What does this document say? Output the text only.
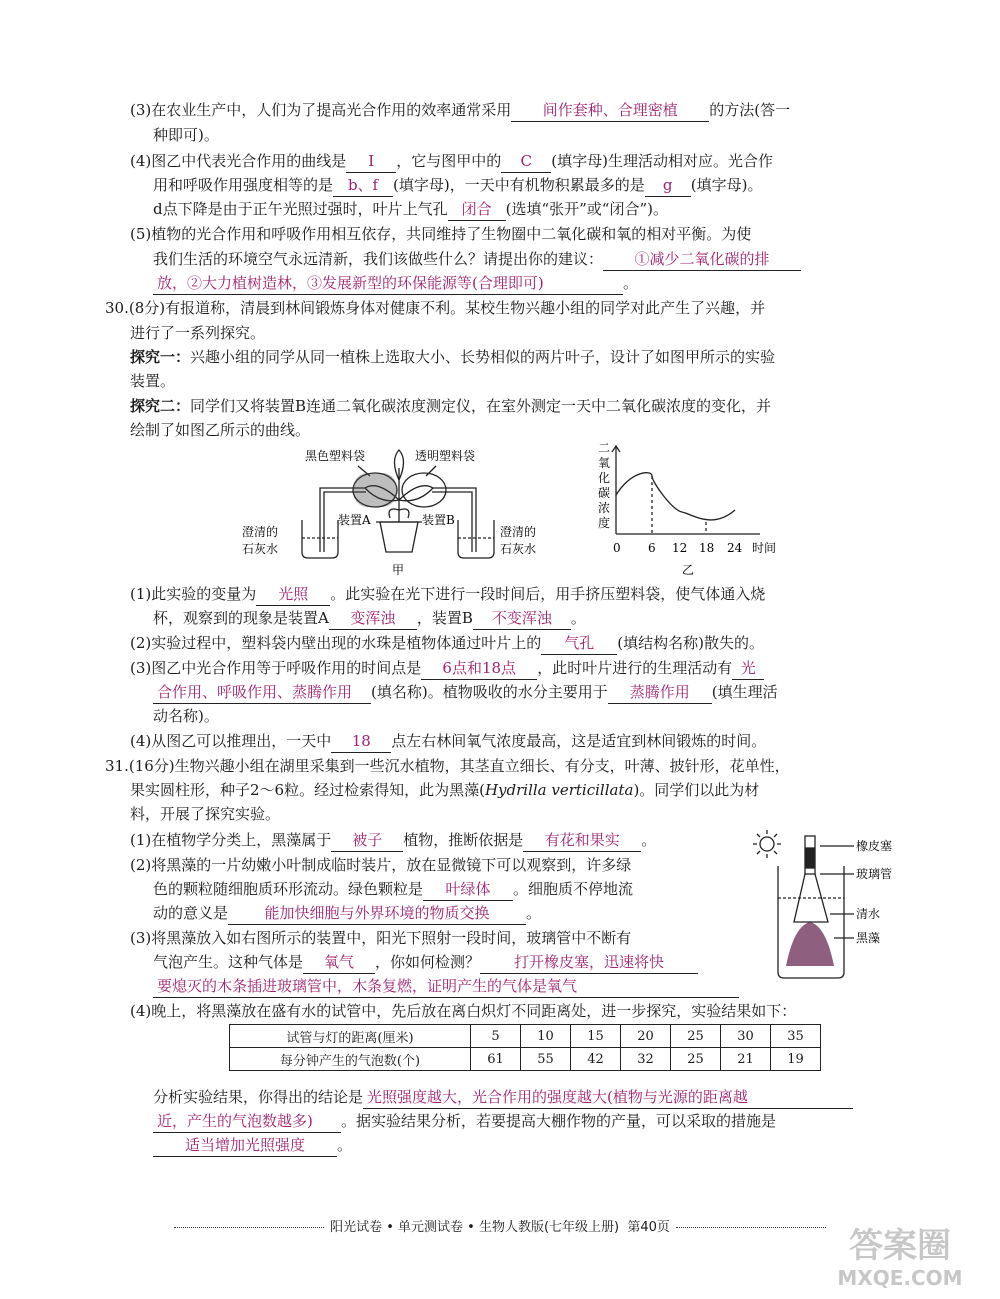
(3)在农业生产中，人们为了提高光合作用的效率通常采用 间作套种、合理密植 的方法(答一
种即可)。
(4)图乙中代表光合作用的曲线是 Ⅰ ，它与图甲中的 C (填字母)生理活动相对应。光合作
用和呼吸作用强度相等的是 b、f (填字母)，一天中有机物积累最多的是 g (填字母)。
d点下降是由于正午光照过强时，叶片上气孔 闭合 (选填“张开”或“闭合”)。
(5)植物的光合作用和呼吸作用相互依存，共同维持了生物圈中二氧化碳和氧的相对平衡。为使
我们生活的环境空气永远清新，我们该做些什么？请提出你的建议： ①减少二氧化碳的排
放，②大力植树造林，③发展新型的环保能源等(合理即可)	。
30.(8分)有报道称，清晨到林间锻炼身体对健康不利。某校生物兴趣小组的同学对此产生了兴趣，并
进行了一系列探究。
探究一：兴趣小组的同学从同一植株上选取大小、长势相似的两片叶子，设计了如图甲所示的实验
装置。
探究二：同学们又将装置B连通二氧化碳浓度测定仪，在室外测定一天中二氧化碳浓度的变化，并
绘制了如图乙所示的曲线。
黑色塑料袋	透明塑料袋
装置A	装置B
澄清的
石灰水
澄清的
石灰水
甲
二
氧
化
碳
浓
度
0 6 12 18 24 时间
乙
(1)此实验的变量为 光照 。此实验在光下进行一段时间后，用手挤压塑料袋，使气体通入烧
杯，观察到的现象是装置A 变浑浊 ，装置B 不变浑浊 。
(2)实验过程中，塑料袋内壁出现的水珠是植物体通过叶片上的 气孔 (填结构名称)散失的。
(3)图乙中光合作用等于呼吸作用的时间点是 6点和18点 ，此时叶片进行的生理活动有 光
合作用、呼吸作用、蒸腾作用 (填名称)。植物吸收的水分主要用于 蒸腾作用 (填生理活
动名称)。
(4)从图乙可以推理出，一天中 18 点左右林间氧气浓度最高，这是适宜到林间锻炼的时间。
31.(16分)生物兴趣小组在湖里采集到一些沉水植物，其茎直立细长、有分支，叶薄、披针形，花单性，
果实圆柱形，种子2～6粒。经过检索得知，此为黑藻(Hydrilla verticillata)。同学们以此为材
料，开展了探究实验。
(1)在植物学分类上，黑藻属于 被子 植物，推断依据是 有花和果实 。
(2)将黑藻的一片幼嫩小叶制成临时装片，放在显微镜下可以观察到，许多绿
色的颗粒随细胞质环形流动。绿色颗粒是 叶绿体 。细胞质不停地流
动的意义是 能加快细胞与外界环境的物质交换 。
(3)将黑藻放入如右图所示的装置中，阳光下照射一段时间，玻璃管中不断有
气泡产生。这种气体是 氧气 ，你如何检测？ 打开橡皮塞，迅速将快
要熄灭的木条插进玻璃管中，木条复燃，证明产生的气体是氧气
橡皮塞
玻璃管
清水
黑藻
(4)晚上，将黑藻放在盛有水的试管中，先后放在离白炽灯不同距离处，进一步探究，实验结果如下：
试管与灯的距离(厘米)	5	10	15	20	25	30	35
每分钟产生的气泡数(个)	61	55	42	32	25	21	19
分析实验结果，你得出的结论是 光照强度越大，光合作用的强度越大(植物与光源的距离越
近，产生的气泡数越多) 。据实验结果分析，若要提高大棚作物的产量，可以采取的措施是
适当增加光照强度 。
阳光试卷 • 单元测试卷 • 生物人教版(七年级上册) 第40页	答案圈
MXQE.COM
